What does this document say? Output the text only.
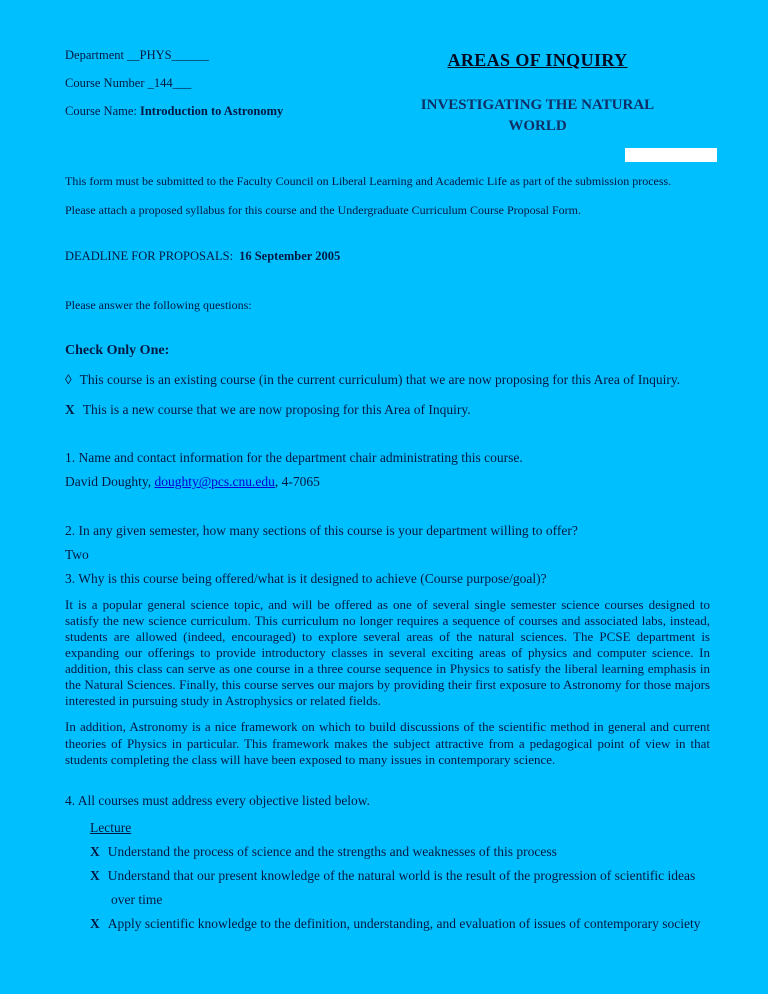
Department __PHYS______

Course Number _144___

Course Name: Introduction to Astronomy

AREAS OF INQUIRY
INVESTIGATING THE NATURAL WORLD

This form must be submitted to the Faculty Council on Liberal Learning and Academic Life as part of the submission process.

Please attach a proposed syllabus for this course and the Undergraduate Curriculum Course Proposal Form.

DEADLINE FOR PROPOSALS: 16 September 2005

Please answer the following questions:

Check Only One:

◊ This course is an existing course (in the current curriculum) that we are now proposing for this Area of Inquiry.

X This is a new course that we are now proposing for this Area of Inquiry.

1. Name and contact information for the department chair administrating this course.

David Doughty, doughty@pcs.cnu.edu, 4-7065

2. In any given semester, how many sections of this course is your department willing to offer?

Two

3. Why is this course being offered/what is it designed to achieve (Course purpose/goal)?

It is a popular general science topic, and will be offered as one of several single semester science courses designed to satisfy the new science curriculum. This curriculum no longer requires a sequence of courses and associated labs, instead, students are allowed (indeed, encouraged) to explore several areas of the natural sciences. The PCSE department is expanding our offerings to provide introductory classes in several exciting areas of physics and computer science. In addition, this class can serve as one course in a three course sequence in Physics to satisfy the liberal learning emphasis in the Natural Sciences. Finally, this course serves our majors by providing their first exposure to Astronomy for those majors interested in pursuing study in Astrophysics or related fields.

In addition, Astronomy is a nice framework on which to build discussions of the scientific method in general and current theories of Physics in particular. This framework makes the subject attractive from a pedagogical point of view in that students completing the class will have been exposed to many issues in contemporary science.

4. All courses must address every objective listed below.

Lecture

X Understand the process of science and the strengths and weaknesses of this process

X Understand that our present knowledge of the natural world is the result of the progression of scientific ideas over time

X Apply scientific knowledge to the definition, understanding, and evaluation of issues of contemporary society
